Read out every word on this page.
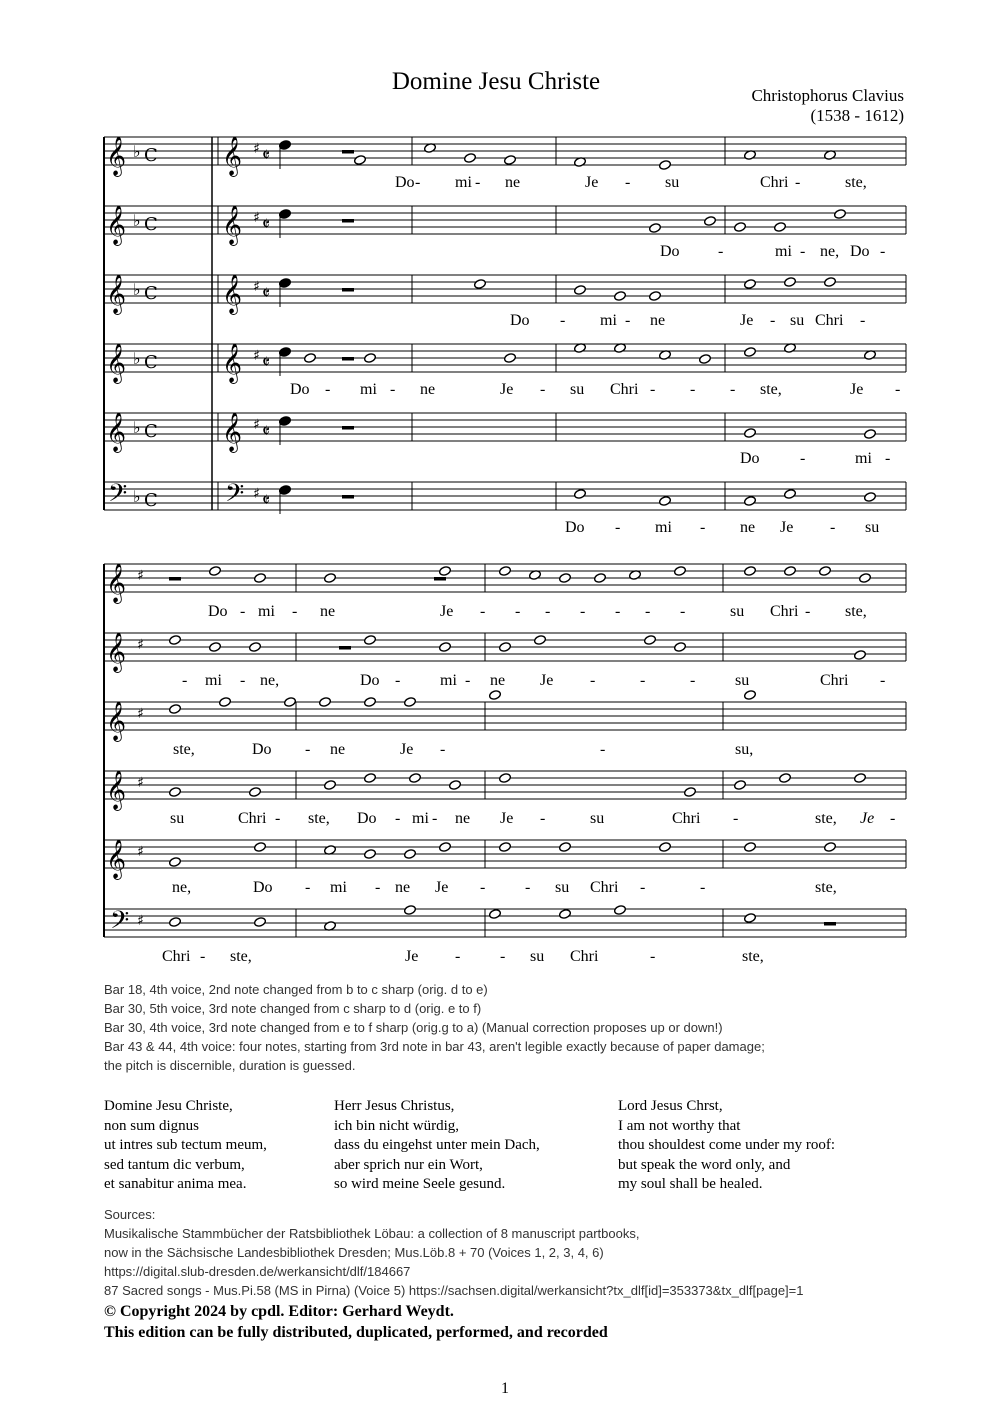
Domine Jesu Christe
Christophorus Clavius
(1538 - 1612)
𝄞 ♭ C 𝄞 ♯ 𝄵
𝄞 ♭ C 𝄞 ♯ 𝄵
𝄞 ♭ C 𝄞 ♯ 𝄵
𝄞 ♭ C 𝄞 ♯ 𝄵
𝄞 ♭ C 𝄞 ♯ 𝄵
𝄢 ♭ C 𝄢 ♯ 𝄵
Do - mi - ne	Je - su	Chri -	ste,
Do -	mi - ne, Do -
Do - mi - ne	Je - su Chri -
Do - mi - ne	Je - su Chri - - - ste,	Je -
Do	-	mi -
Do - mi - ne Je - su
𝄞 ♯
𝄞 ♯
𝄞 ♯
𝄞 ♯
𝄞 ♯
𝄢 ♯
Do - mi - ne	Je - - - - - - -	su Chri - ste,
- mi - ne,	Do - mi - ne Je -	-	- su	Chri -
ste,	Do - ne	Je -	-	su,
su	Chri - ste, Do - mi - ne Je -	su	Chri -	ste, Je -
ne,	Do - mi - ne Je - - su Chri -	-	ste,
Chri - ste,	Je - - su Chri	-	ste,
Bar 18, 4th voice, 2nd note changed from b to c sharp (orig. d to e)
Bar 30, 5th voice, 3rd note changed from c sharp to d (orig. e to f)
Bar 30, 4th voice, 3rd note changed from e to f sharp (orig.g to a) (Manual correction proposes up or down!)
Bar 43 & 44, 4th voice: four notes, starting from 3rd note in bar 43, aren't legible exactly because of paper damage;
the pitch is discernible, duration is guessed.
Domine Jesu Christe,
non sum dignus
ut intres sub tectum meum,
sed tantum dic verbum,
et sanabitur anima mea.
Herr Jesus Christus,
ich bin nicht würdig,
dass du eingehst unter mein Dach,
aber sprich nur ein Wort,
so wird meine Seele gesund.
Lord Jesus Chrst,
I am not worthy that
thou shouldest come under my roof:
but speak the word only, and
my soul shall be healed.
Sources:
Musikalische Stammbücher der Ratsbibliothek Löbau: a collection of 8 manuscript partbooks,
now in the Sächsische Landesbibliothek Dresden; Mus.Löb.8 + 70 (Voices 1, 2, 3, 4, 6)
https://digital.slub-dresden.de/werkansicht/dlf/184667
87 Sacred songs - Mus.Pi.58 (MS in Pirna) (Voice 5) https://sachsen.digital/werkansicht?tx_dlf[id]=353373&tx_dlf[page]=1
© Copyright 2024 by cpdl. Editor: Gerhard Weydt.
This edition can be fully distributed, duplicated, performed, and recorded
1
